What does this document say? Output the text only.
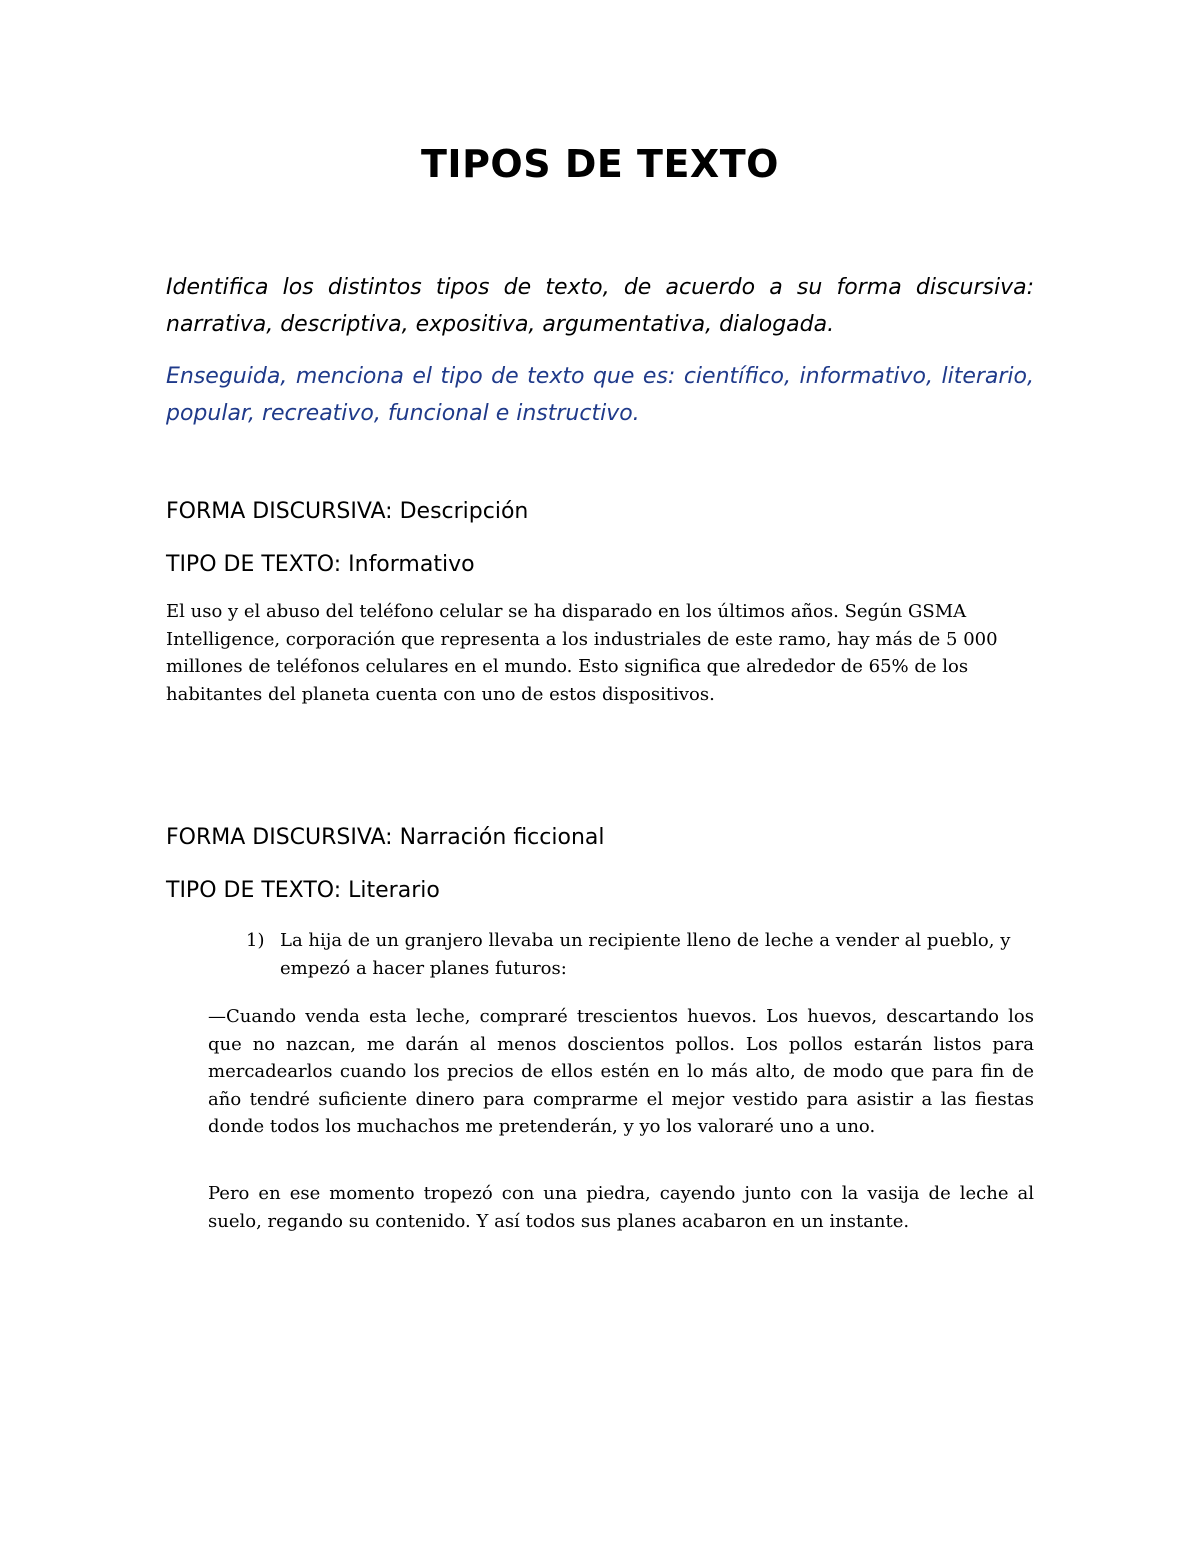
TIPOS DE TEXTO

Identifica los distintos tipos de texto, de acuerdo a su forma discursiva: narrativa, descriptiva, expositiva, argumentativa, dialogada.

Enseguida, menciona el tipo de texto que es: científico, informativo, literario, popular, recreativo, funcional e instructivo.

FORMA DISCURSIVA: Descripción

TIPO DE TEXTO: Informativo

El uso y el abuso del teléfono celular se ha disparado en los últimos años. Según GSMA Intelligence, corporación que representa a los industriales de este ramo, hay más de 5 000 millones de teléfonos celulares en el mundo. Esto significa que alrededor de 65% de los habitantes del planeta cuenta con uno de estos dispositivos.

FORMA DISCURSIVA: Narración ficcional

TIPO DE TEXTO: Literario

1) La hija de un granjero llevaba un recipiente lleno de leche a vender al pueblo, y empezó a hacer planes futuros:

—Cuando venda esta leche, compraré trescientos huevos. Los huevos, descartando los que no nazcan, me darán al menos doscientos pollos. Los pollos estarán listos para mercadearlos cuando los precios de ellos estén en lo más alto, de modo que para fin de año tendré suficiente dinero para comprarme el mejor vestido para asistir a las fiestas donde todos los muchachos me pretenderán, y yo los valoraré uno a uno.

Pero en ese momento tropezó con una piedra, cayendo junto con la vasija de leche al suelo, regando su contenido. Y así todos sus planes acabaron en un instante.
